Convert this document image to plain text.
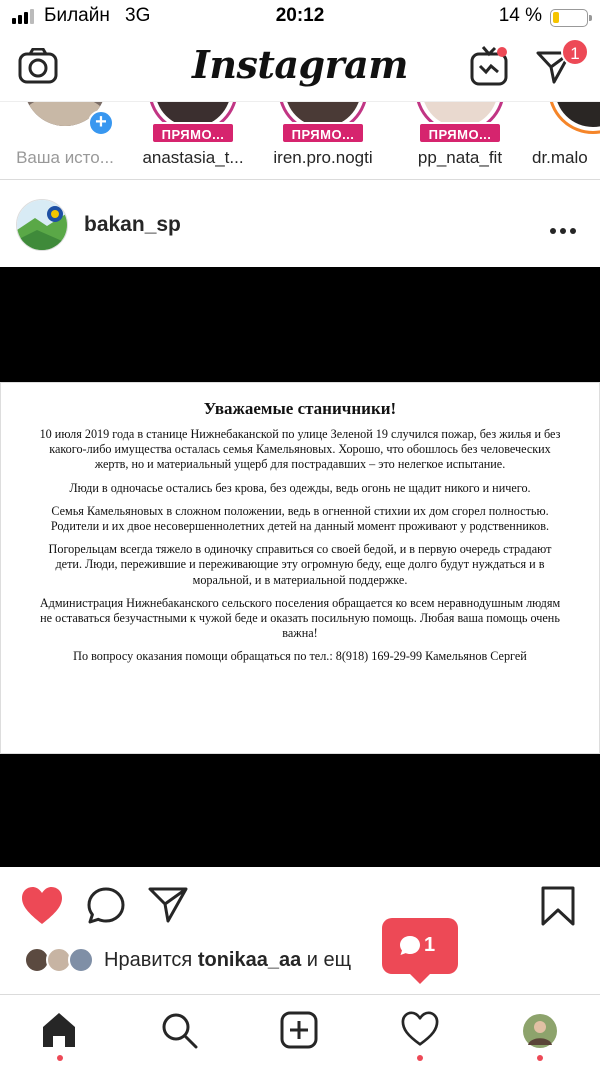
Билайн 3G	20:12	14 %
Instagram	1
+
Ваша исто...
ПРЯМО...
anastasia_t...
ПРЯМО...
iren.pro.nogti
ПРЯМО...
pp_nata_fit	dr.malo
bakan_sp
Уважаемые станичники!

10 июля 2019 года в станице Нижнебаканской по улице Зеленой 19 случился пожар, без жилья и без какого-либо имущества осталась семья Камельяновых. Хорошо, что обошлось без человеческих жертв, но и материальный ущерб для пострадавших – это нелегкое испытание.

Люди в одночасье остались без крова, без одежды, ведь огонь не щадит никого и ничего.

Семья Камельяновых в сложном положении, ведь в огненной стихии их дом сгорел полностью. Родители и их двое несовершеннолетних детей на данный момент проживают у родственников.

Погорельцам всегда тяжело в одиночку справиться со своей бедой, и в первую очередь страдают дети. Люди, пережившие и переживающие эту огромную беду, еще долго будут нуждаться и в моральной, и в материальной поддержке.

Администрация Нижнебаканского сельского поселения обращается ко всем неравнодушным людям не оставаться безучастными к чужой беде и оказать посильную помощь. Любая ваша помощь очень важна!

По вопросу оказания помощи обращаться по тел.: 8(918) 169-29-99 Камельянов Сергей

Нравится tonikaa_aa и ещ
1
